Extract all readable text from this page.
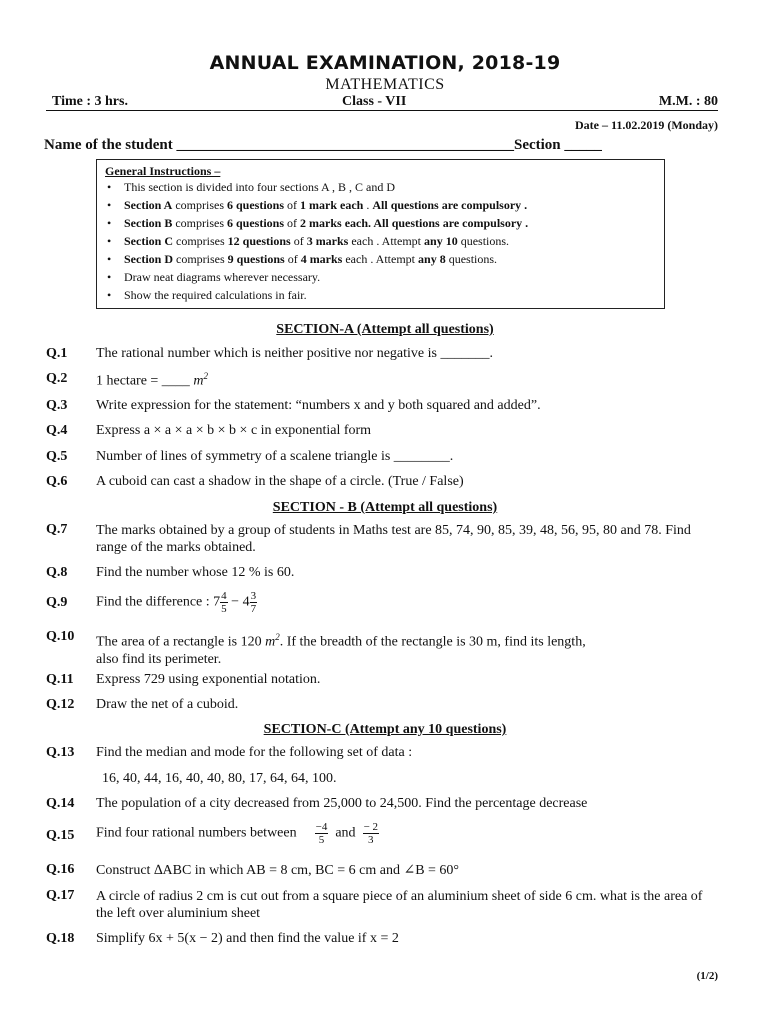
ANNUAL EXAMINATION, 2018-19
MATHEMATICS
Time : 3 hrs.	Class - VII	M.M. : 80
Date – 11.02.2019 (Monday)
Name of the student _____________________________________________Section _____
General Instructions –
• This section is divided into four sections A , B , C and D
• Section A comprises 6 questions of 1 mark each . All questions are compulsory .
• Section B comprises 6 questions of 2 marks each. All questions are compulsory .
• Section C comprises 12 questions of 3 marks each . Attempt any 10 questions.
• Section D comprises 9 questions of 4 marks each . Attempt any 8 questions.
• Draw neat diagrams wherever necessary.
• Show the required calculations in fair.
SECTION-A (Attempt all questions)
Q.1 The rational number which is neither positive nor negative is _______.
Q.2 1 hectare = ____ $m^2$
Q.3 Write expression for the statement: “numbers x and y both squared and added”.
Q.4 Express a × a × a × b × b × c in exponential form
Q.5 Number of lines of symmetry of a scalene triangle is ________.
Q.6 A cuboid can cast a shadow in the shape of a circle. (True / False)
SECTION - B (Attempt all questions)
Q.7 The marks obtained by a group of students in Maths test are 85, 74, 90, 85, 39, 48, 56, 95, 80 and 78. Find range of the marks obtained.
Q.8 Find the number whose 12 % is 60.
Q.9 Find the difference : $7 \frac{4}{5} - 4 \frac{3}{7}$
Q.10 The area of a rectangle is 120 $m^2$. If the breadth of the rectangle is 30 m, find its length,
also find its perimeter.
Q.11 Express 729 using exponential notation.
Q.12 Draw the net of a cuboid.
SECTION-C (Attempt any 10 questions)
Q.13 Find the median and mode for the following set of data :
16, 40, 44, 16, 40, 40, 80, 17, 64, 64, 100.
Q.14 The population of a city decreased from 25,000 to 24,500. Find the percentage decrease
Q.15 Find four rational numbers between $\frac{-4}{5}$ and $\frac{- 2}{3}$
Q.16 Construct ∆ABC in which AB = 8 cm, BC = 6 cm and ∠B = 60°
Q.17 A circle of radius 2 cm is cut out from a square piece of an aluminium sheet of side 6 cm. what is the area of the left over aluminium sheet
Q.18 Simplify 6x + 5(x − 2) and then find the value if x = 2
(1/2)
